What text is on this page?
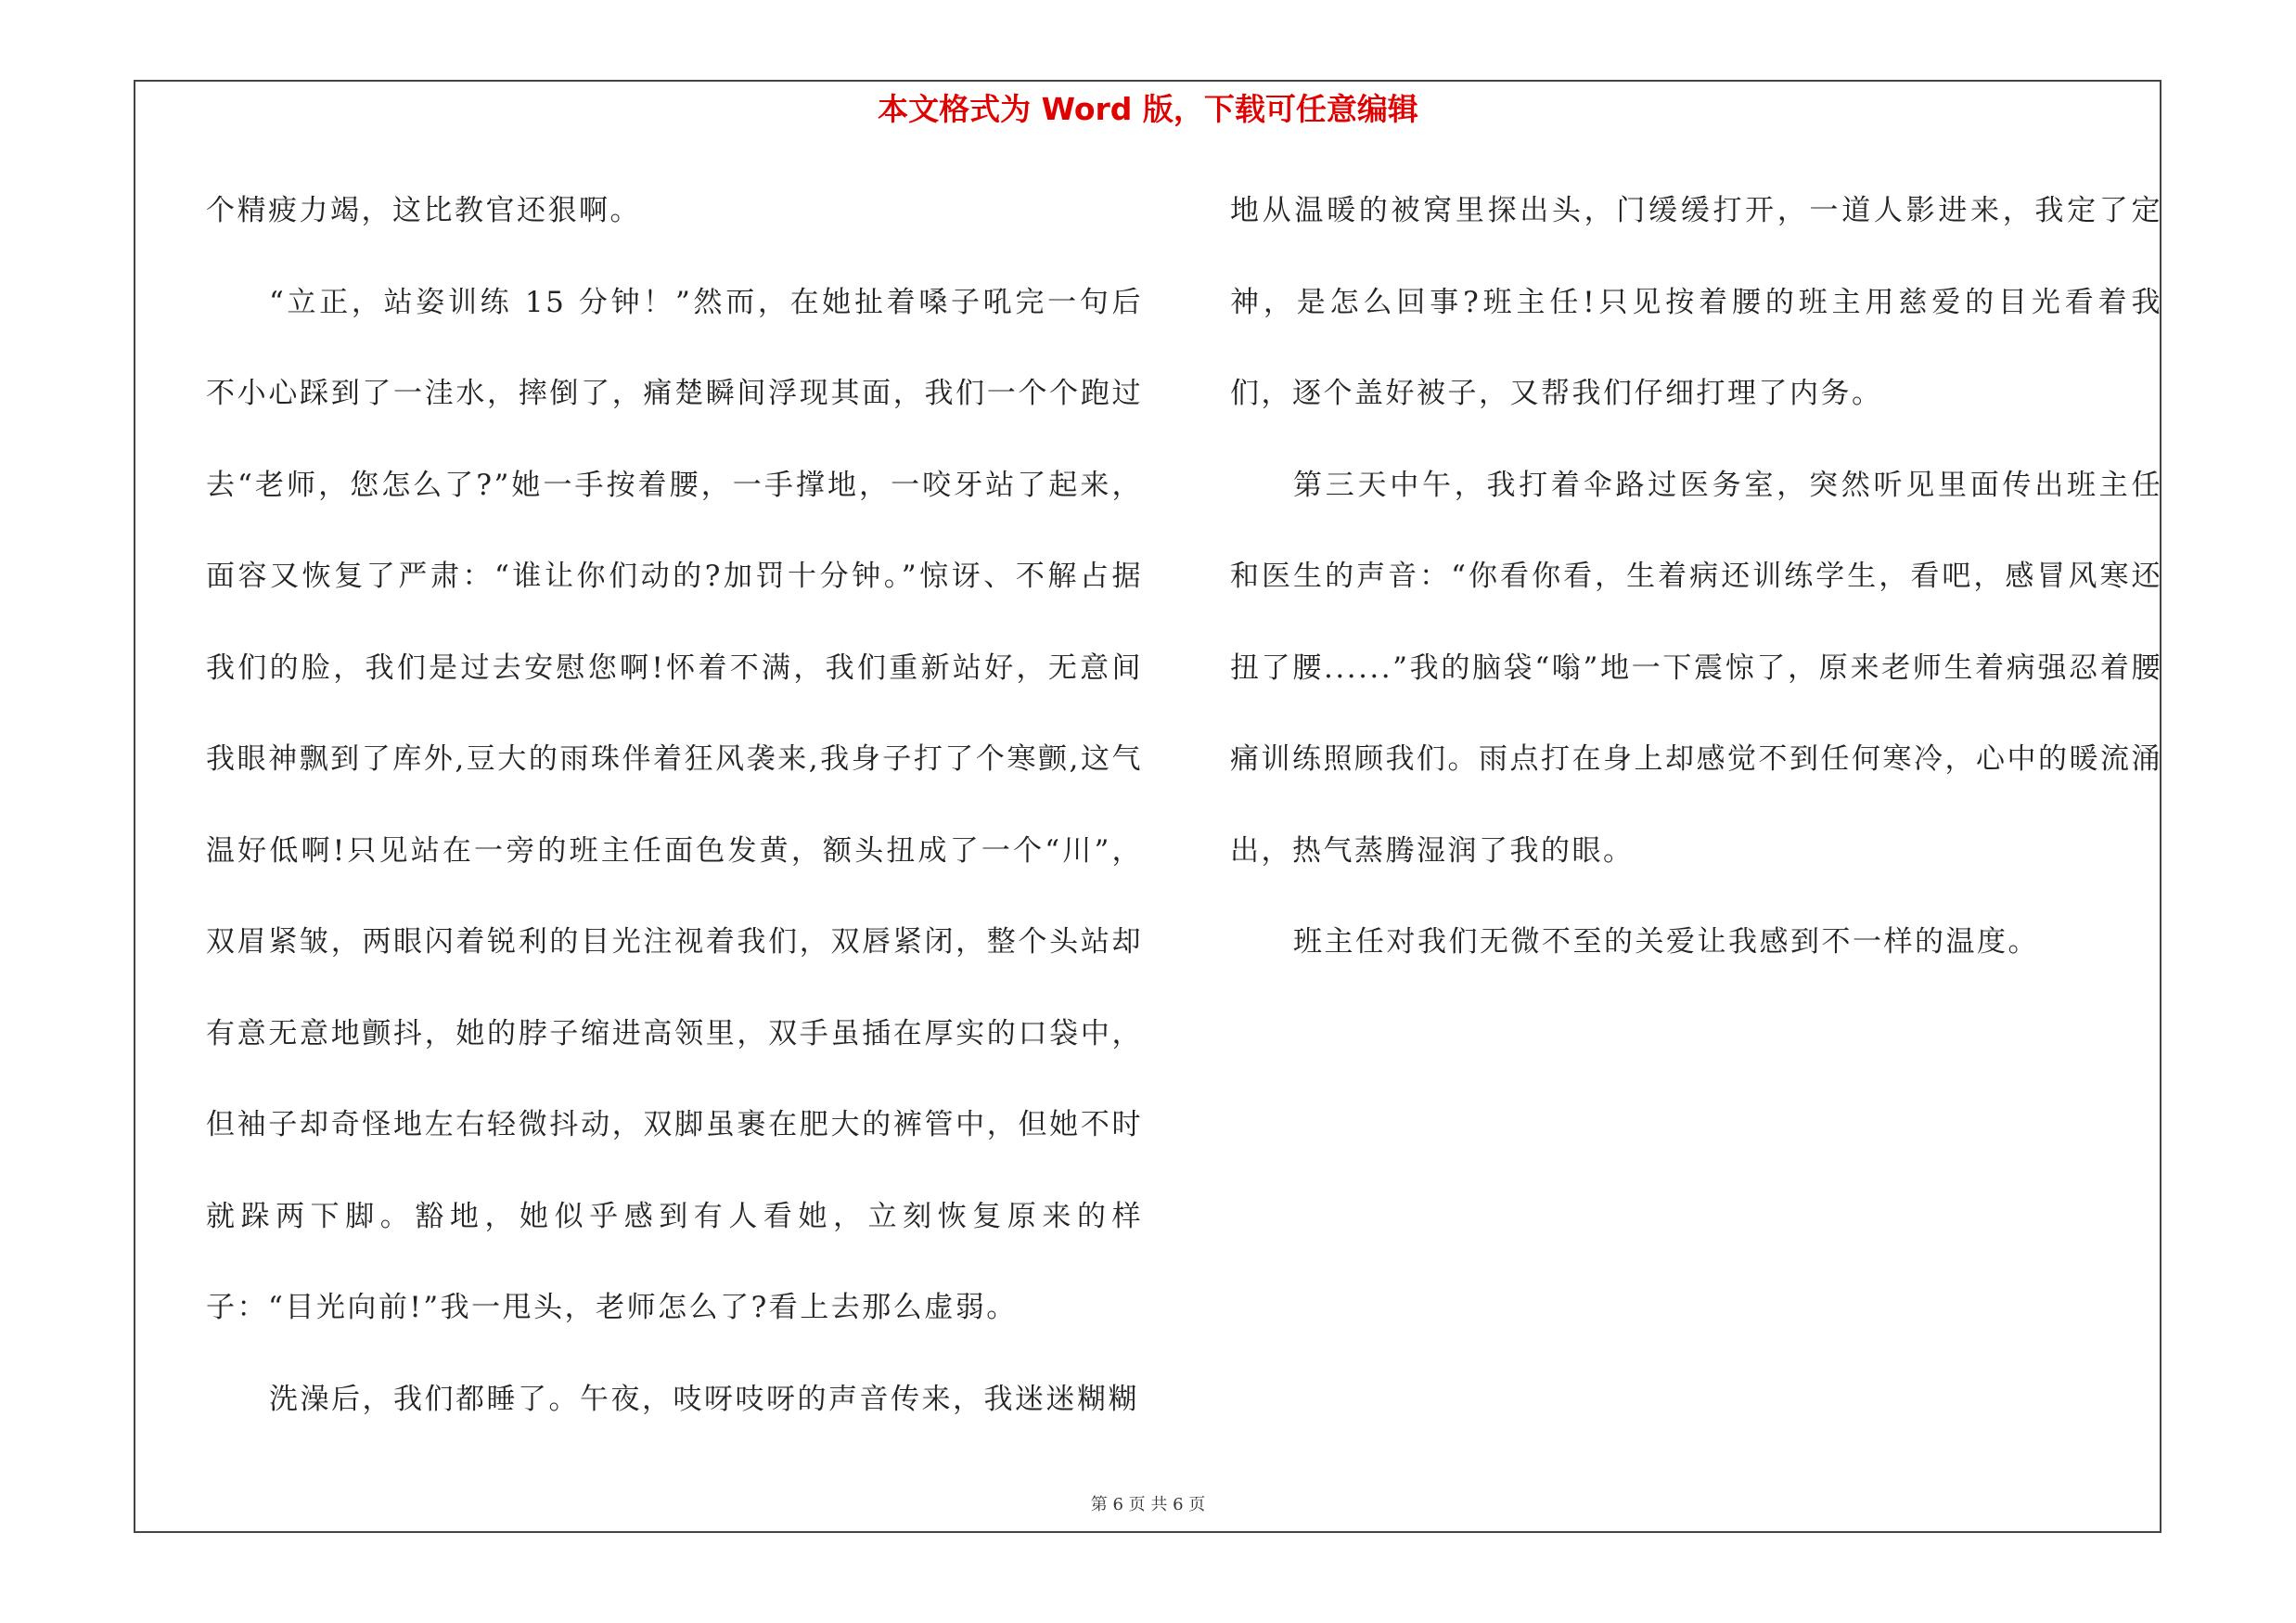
本文格式为 Word 版，下载可任意编辑

个精疲力竭，这比教官还狠啊。

“立正，站姿训练 15 分钟！”然而，在她扯着嗓子吼完一句后不小心踩到了一洼水，摔倒了，痛楚瞬间浮现其面，我们一个个跑过去“老师，您怎么了?”她一手按着腰，一手撑地，一咬牙站了起来，面容又恢复了严肃：“谁让你们动的?加罚十分钟。”惊讶、不解占据我们的脸，我们是过去安慰您啊!怀着不满，我们重新站好，无意间我眼神飘到了库外,豆大的雨珠伴着狂风袭来,我身子打了个寒颤,这气温好低啊!只见站在一旁的班主任面色发黄，额头扭成了一个“川”，双眉紧皱，两眼闪着锐利的目光注视着我们，双唇紧闭，整个头站却有意无意地颤抖，她的脖子缩进高领里，双手虽插在厚实的口袋中，但袖子却奇怪地左右轻微抖动，双脚虽裹在肥大的裤管中，但她不时就跺两下脚。豁地，她似乎感到有人看她，立刻恢复原来的样子：“目光向前!”我一甩头，老师怎么了?看上去那么虚弱。

洗澡后，我们都睡了。午夜，吱呀吱呀的声音传来，我迷迷糊糊

地从温暖的被窝里探出头，门缓缓打开，一道人影进来，我定了定神，是怎么回事?班主任!只见按着腰的班主用慈爱的目光看着我们，逐个盖好被子，又帮我们仔细打理了内务。

第三天中午，我打着伞路过医务室，突然听见里面传出班主任和医生的声音：“你看你看，生着病还训练学生，看吧，感冒风寒还扭了腰......”我的脑袋“嗡”地一下震惊了，原来老师生着病强忍着腰痛训练照顾我们。雨点打在身上却感觉不到任何寒冷，心中的暖流涌出，热气蒸腾湿润了我的眼。

班主任对我们无微不至的关爱让我感到不一样的温度。

第 6 页 共 6 页
